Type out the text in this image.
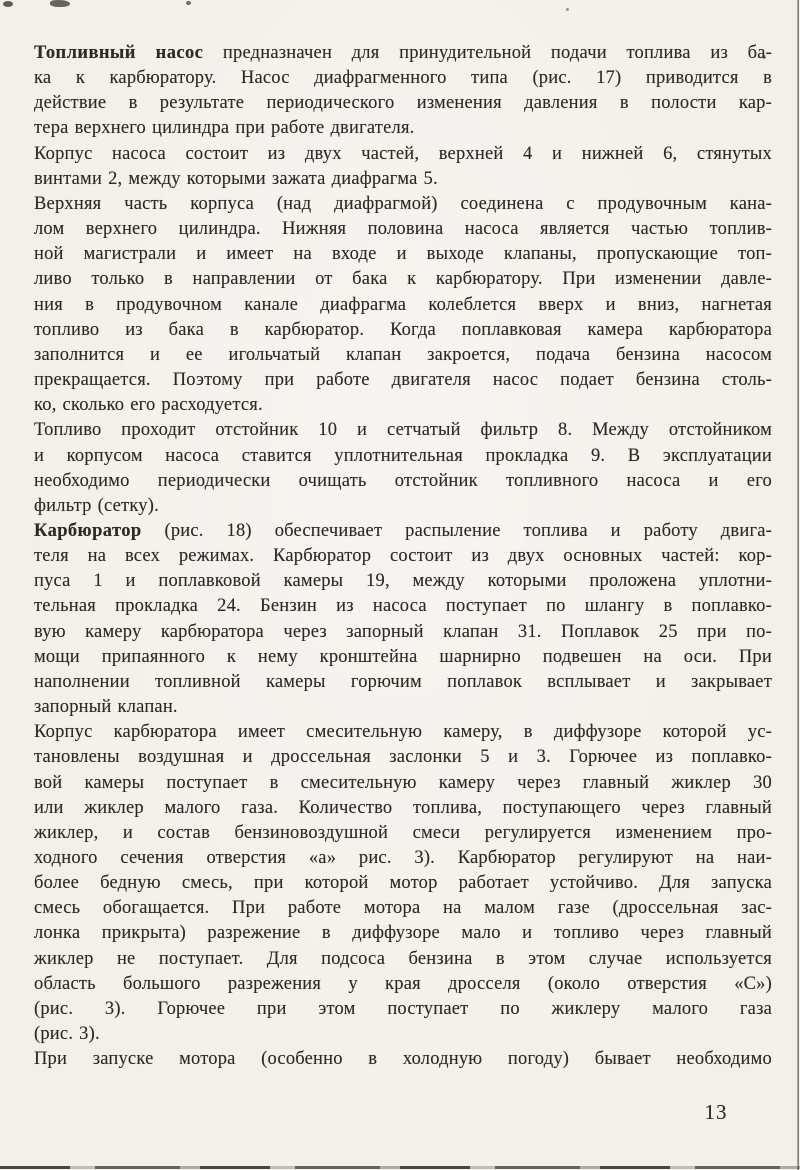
Топливный насос предназначен для принудительной подачи топлива из ба-
ка к карбюратору. Насос диафрагменного типа (рис. 17) приводится в
действие в результате периодического изменения давления в полости кар-
тера верхнего цилиндра при работе двигателя.
Корпус насоса состоит из двух частей, верхней 4 и нижней 6, стянутых
винтами 2, между которыми зажата диафрагма 5.
Верхняя часть корпуса (над диафрагмой) соединена с продувочным кана-
лом верхнего цилиндра. Нижняя половина насоса является частью топлив-
ной магистрали и имеет на входе и выходе клапаны, пропускающие топ-
ливо только в направлении от бака к карбюратору. При изменении давле-
ния в продувочном канале диафрагма колеблется вверх и вниз, нагнетая
топливо из бака в карбюратор. Когда поплавковая камера карбюратора
заполнится и ее игольчатый клапан закроется, подача бензина насосом
прекращается. Поэтому при работе двигателя насос подает бензина столь-
ко, сколько его расходуется.
Топливо проходит отстойник 10 и сетчатый фильтр 8. Между отстойником
и корпусом насоса ставится уплотнительная прокладка 9. В эксплуатации
необходимо периодически очищать отстойник топливного насоса и его
фильтр (сетку).
Карбюратор (рис. 18) обеспечивает распыление топлива и работу двига-
теля на всех режимах. Карбюратор состоит из двух основных частей: кор-
пуса 1 и поплавковой камеры 19, между которыми проложена уплотни-
тельная прокладка 24. Бензин из насоса поступает по шлангу в поплавко-
вую камеру карбюратора через запорный клапан 31. Поплавок 25 при по-
мощи припаянного к нему кронштейна шарнирно подвешен на оси. При
наполнении топливной камеры горючим поплавок всплывает и закрывает
запорный клапан.
Корпус карбюратора имеет смесительную камеру, в диффузоре которой ус-
тановлены воздушная и дроссельная заслонки 5 и 3. Горючее из поплавко-
вой камеры поступает в смесительную камеру через главный жиклер 30
или жиклер малого газа. Количество топлива, поступающего через главный
жиклер, и состав бензиновоздушной смеси регулируется изменением про-
ходного сечения отверстия «а» рис. 3). Карбюратор регулируют на наи-
более бедную смесь, при которой мотор работает устойчиво. Для запуска
смесь обогащается. При работе мотора на малом газе (дроссельная зас-
лонка прикрыта) разрежение в диффузоре мало и топливо через главный
жиклер не поступает. Для подсоса бензина в этом случае используется
область большого разрежения у края дросселя (около отверстия «С»)
(рис. 3). Горючее при этом поступает по жиклеру малого газа
(рис. 3).
При запуске мотора (особенно в холодную погоду) бывает необходимо
13
